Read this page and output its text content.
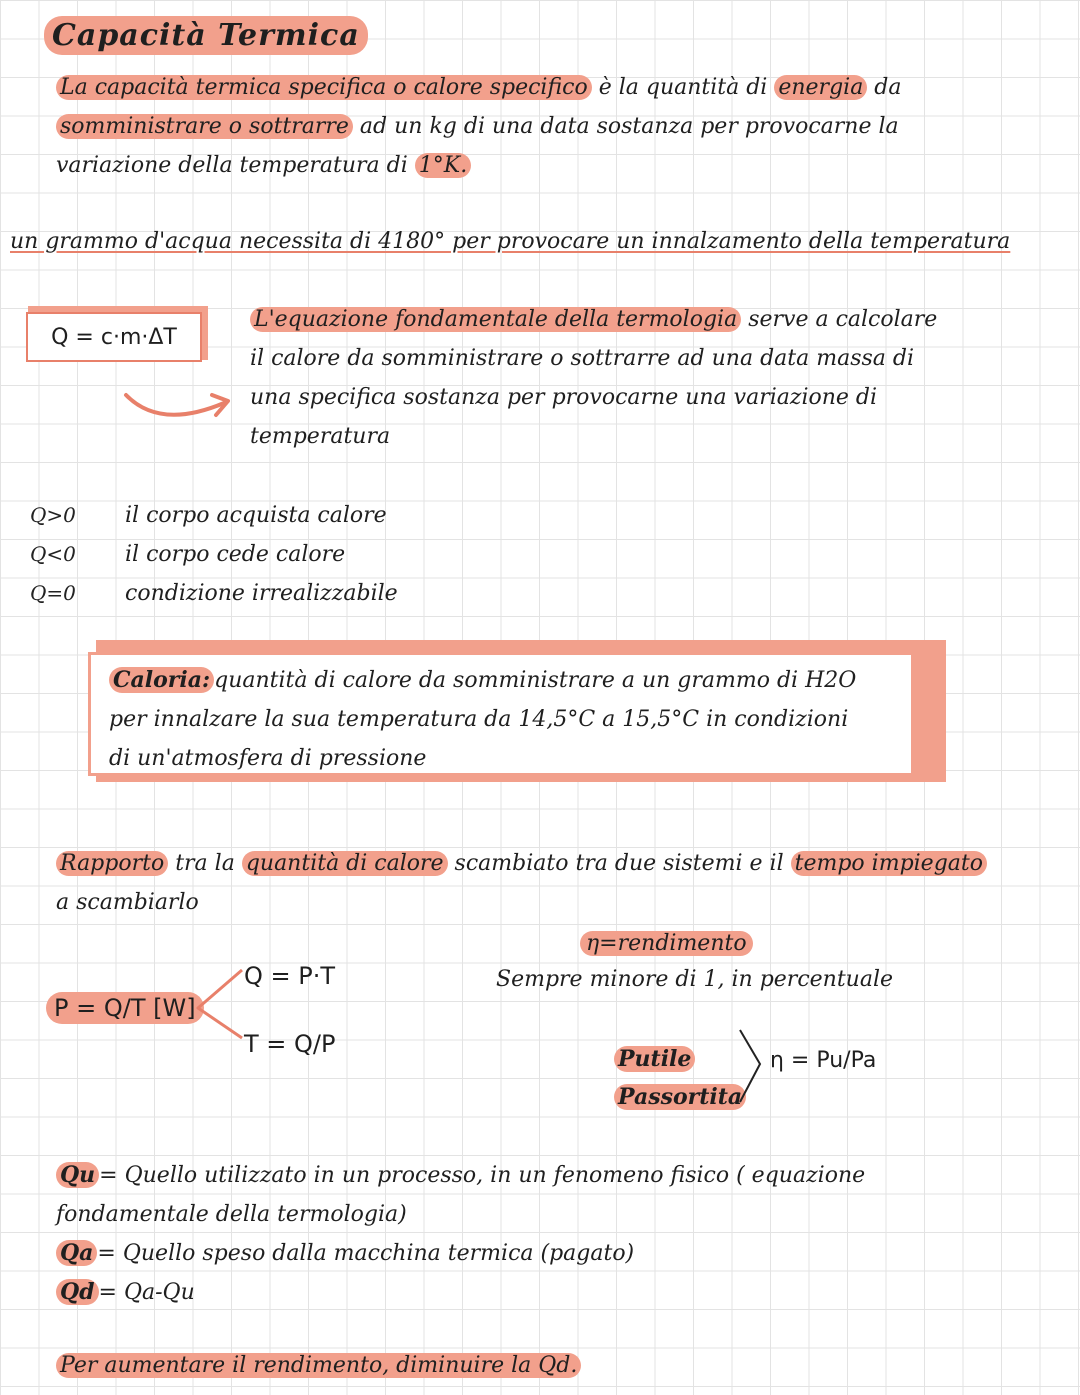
Capacità Termica
La capacità termica specifica o calore specifico è la quantità di energia da
somministrare o sottrarre ad un kg di una data sostanza per provocarne la
variazione della temperatura di 1°K.
un grammo d'acqua necessita di 4180° per provocare un innalzamento della temperatura
Q = c·m·ΔT
L'equazione fondamentale della termologia serve a calcolare
il calore da somministrare o sottrarre ad una data massa di
una specifica sostanza per provocarne una variazione di
temperatura
Q>0	il corpo acquista calore
Q<0	il corpo cede calore
Q=0	condizione irrealizzabile
Caloria: quantità di calore da somministrare a un grammo di H2O
per innalzare la sua temperatura da 14,5°C a 15,5°C in condizioni
di un'atmosfera di pressione
Rapporto tra la quantità di calore scambiato tra due sistemi e il tempo impiegato
a scambiarlo
P = Q/T [W]
Q = P·T
T = Q/P
η=rendimento
Sempre minore di 1, in percentuale
Putile
Passortita
η = Pu/Pa
Qu = Quello utilizzato in un processo, in un fenomeno fisico ( equazione
fondamentale della termologia)
Qa = Quello speso dalla macchina termica (pagato)
Qd = Qa-Qu
Per aumentare il rendimento, diminuire la Qd.
